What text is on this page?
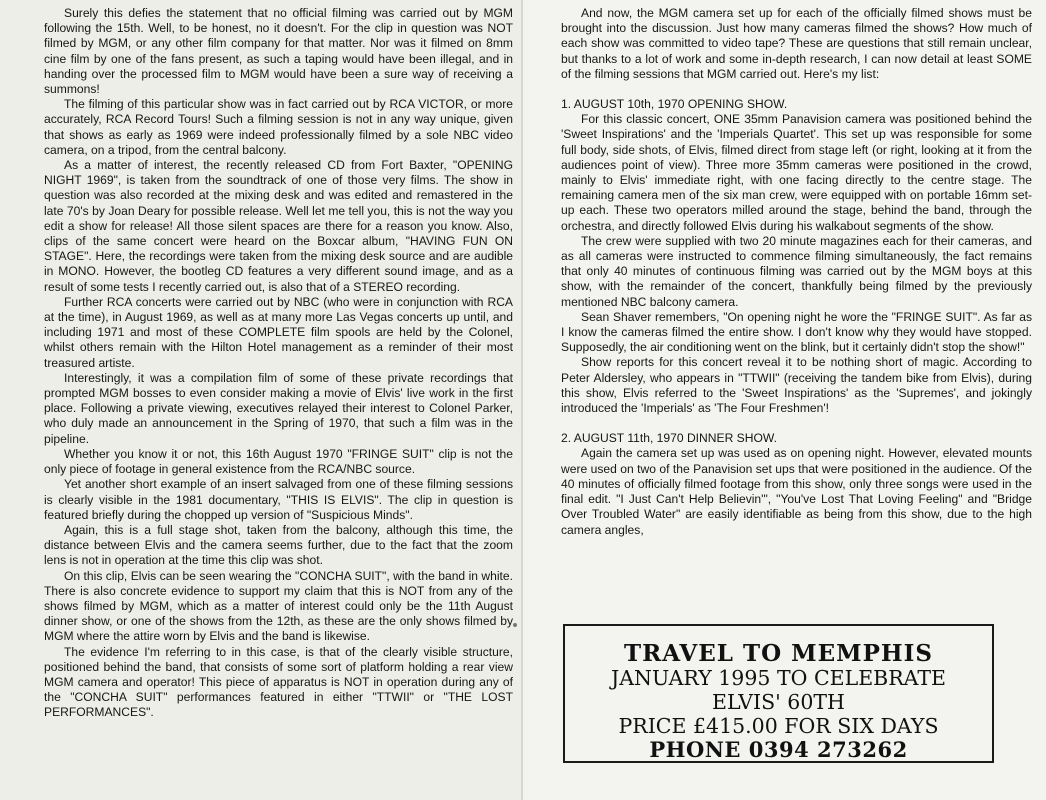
Surely this defies the statement that no official filming was carried out by MGM following the 15th. Well, to be honest, no it doesn't. For the clip in question was NOT filmed by MGM, or any other film company for that matter. Nor was it filmed on 8mm cine film by one of the fans present, as such a taping would have been illegal, and in handing over the processed film to MGM would have been a sure way of receiving a summons!

The filming of this particular show was in fact carried out by RCA VICTOR, or more accurately, RCA Record Tours! Such a filming session is not in any way unique, given that shows as early as 1969 were indeed professionally filmed by a sole NBC video camera, on a tripod, from the central balcony.

As a matter of interest, the recently released CD from Fort Baxter, "OPENING NIGHT 1969", is taken from the soundtrack of one of those very films. The show in question was also recorded at the mixing desk and was edited and remastered in the late 70's by Joan Deary for possible release. Well let me tell you, this is not the way you edit a show for release! All those silent spaces are there for a reason you know. Also, clips of the same concert were heard on the Boxcar album, "HAVING FUN ON STAGE". Here, the recordings were taken from the mixing desk source and are audible in MONO. However, the bootleg CD features a very different sound image, and as a result of some tests I recently carried out, is also that of a STEREO recording.

Further RCA concerts were carried out by NBC (who were in conjunction with RCA at the time), in August 1969, as well as at many more Las Vegas concerts up until, and including 1971 and most of these COMPLETE film spools are held by the Colonel, whilst others remain with the Hilton Hotel management as a reminder of their most treasured artiste.

Interestingly, it was a compilation film of some of these private recordings that prompted MGM bosses to even consider making a movie of Elvis' live work in the first place. Following a private viewing, executives relayed their interest to Colonel Parker, who duly made an announcement in the Spring of 1970, that such a film was in the pipeline.

Whether you know it or not, this 16th August 1970 "FRINGE SUIT" clip is not the only piece of footage in general existence from the RCA/NBC source.

Yet another short example of an insert salvaged from one of these filming sessions is clearly visible in the 1981 documentary, "THIS IS ELVIS". The clip in question is featured briefly during the chopped up version of "Suspicious Minds".

Again, this is a full stage shot, taken from the balcony, although this time, the distance between Elvis and the camera seems further, due to the fact that the zoom lens is not in operation at the time this clip was shot.

On this clip, Elvis can be seen wearing the "CONCHA SUIT", with the band in white. There is also concrete evidence to support my claim that this is NOT from any of the shows filmed by MGM, which as a matter of interest could only be the 11th August dinner show, or one of the shows from the 12th, as these are the only shows filmed by MGM where the attire worn by Elvis and the band is likewise.

The evidence I'm referring to in this case, is that of the clearly visible structure, positioned behind the band, that consists of some sort of platform holding a rear view MGM camera and operator! This piece of apparatus is NOT in operation during any of the "CONCHA SUIT" performances featured in either "TTWII" or "THE LOST PERFORMANCES".

And now, the MGM camera set up for each of the officially filmed shows must be brought into the discussion. Just how many cameras filmed the shows? How much of each show was committed to video tape? These are questions that still remain unclear, but thanks to a lot of work and some in-depth research, I can now detail at least SOME of the filming sessions that MGM carried out. Here's my list:

1. AUGUST 10th, 1970 OPENING SHOW.

For this classic concert, ONE 35mm Panavision camera was positioned behind the 'Sweet Inspirations' and the 'Imperials Quartet'. This set up was responsible for some full body, side shots, of Elvis, filmed direct from stage left (or right, looking at it from the audiences point of view). Three more 35mm cameras were positioned in the crowd, mainly to Elvis' immediate right, with one facing directly to the centre stage. The remaining camera men of the six man crew, were equipped with on portable 16mm set-up each. These two operators milled around the stage, behind the band, through the orchestra, and directly followed Elvis during his walkabout segments of the show.

The crew were supplied with two 20 minute magazines each for their cameras, and as all cameras were instructed to commence filming simultaneously, the fact remains that only 40 minutes of continuous filming was carried out by the MGM boys at this show, with the remainder of the concert, thankfully being filmed by the previously mentioned NBC balcony camera.

Sean Shaver remembers, "On opening night he wore the "FRINGE SUIT". As far as I know the cameras filmed the entire show. I don't know why they would have stopped. Supposedly, the air conditioning went on the blink, but it certainly didn't stop the show!"

Show reports for this concert reveal it to be nothing short of magic. According to Peter Aldersley, who appears in "TTWII" (receiving the tandem bike from Elvis), during this show, Elvis referred to the 'Sweet Inspirations' as the 'Supremes', and jokingly introduced the 'Imperials' as 'The Four Freshmen'!

2. AUGUST 11th, 1970 DINNER SHOW.

Again the camera set up was used as on opening night. However, elevated mounts were used on two of the Panavision set ups that were positioned in the audience. Of the 40 minutes of officially filmed footage from this show, only three songs were used in the final edit. "I Just Can't Help Believin'", "You've Lost That Loving Feeling" and "Bridge Over Troubled Water" are easily identifiable as being from this show, due to the high camera angles,

TRAVEL TO MEMPHIS
JANUARY 1995 TO CELEBRATE
ELVIS' 60TH
PRICE £415.00 FOR SIX DAYS
PHONE 0394 273262
